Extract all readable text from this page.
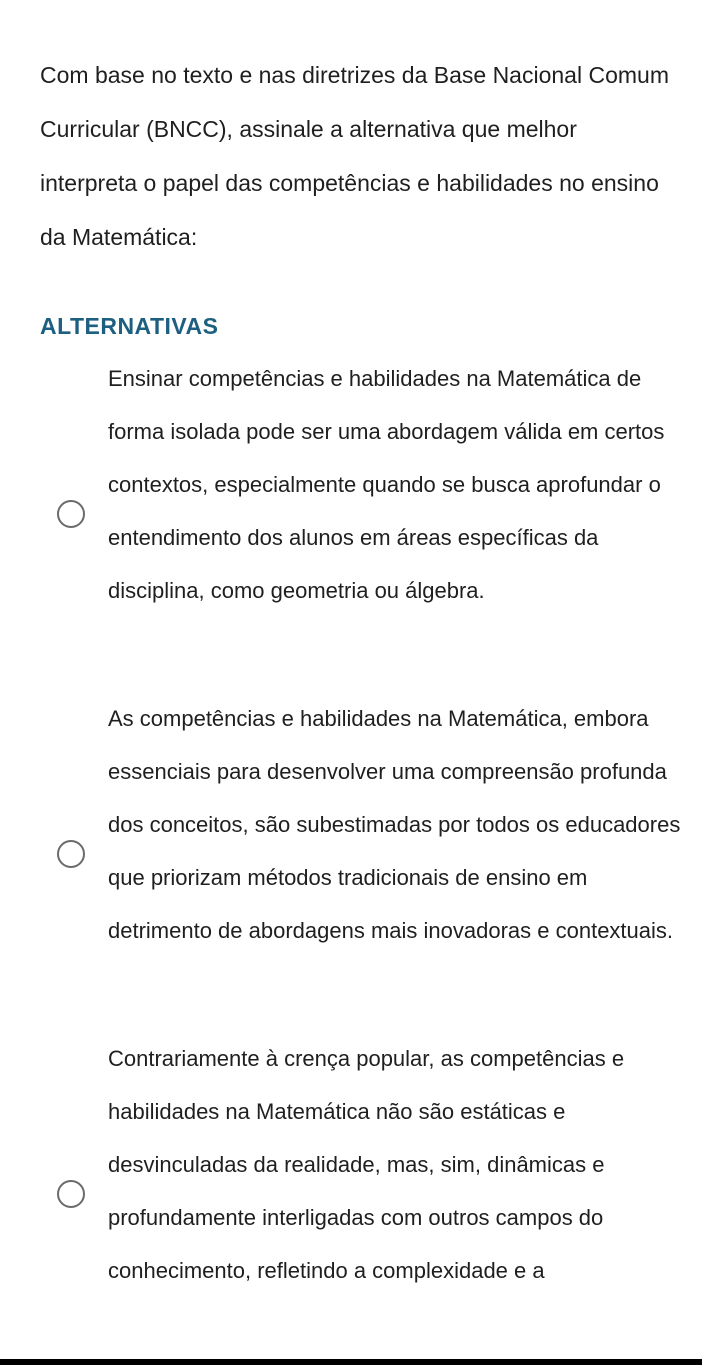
Com base no texto e nas diretrizes da Base Nacional Comum Curricular (BNCC), assinale a alternativa que melhor interpreta o papel das competências e habilidades no ensino da Matemática:

ALTERNATIVAS

Ensinar competências e habilidades na Matemática de forma isolada pode ser uma abordagem válida em certos contextos, especialmente quando se busca aprofundar o entendimento dos alunos em áreas específicas da disciplina, como geometria ou álgebra.

As competências e habilidades na Matemática, embora essenciais para desenvolver uma compreensão profunda dos conceitos, são subestimadas por todos os educadores que priorizam métodos tradicionais de ensino em detrimento de abordagens mais inovadoras e contextuais.

Contrariamente à crença popular, as competências e habilidades na Matemática não são estáticas e desvinculadas da realidade, mas, sim, dinâmicas e profundamente interligadas com outros campos do conhecimento, refletindo a complexidade e a
